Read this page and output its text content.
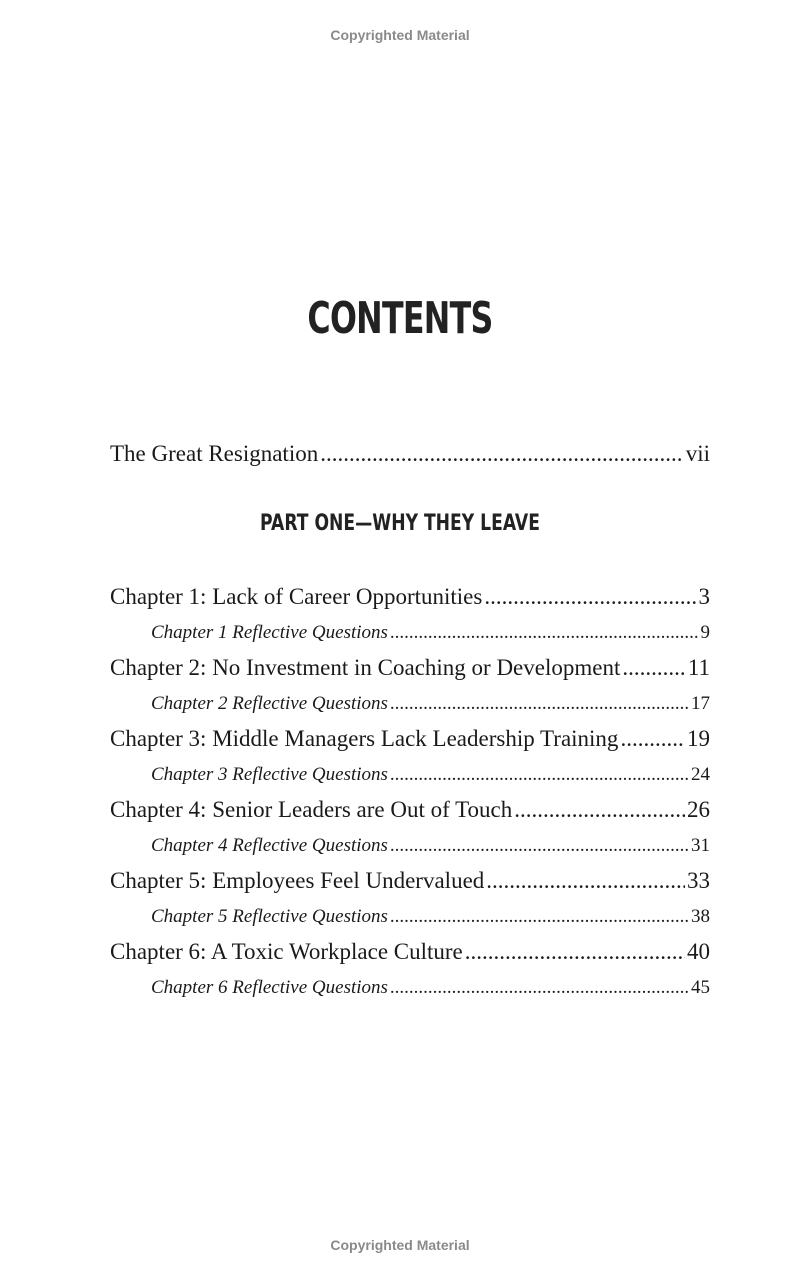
Copyrighted Material
CONTENTS
The Great Resignation .....	vii
PART ONE—WHY THEY LEAVE
Chapter 1: Lack of Career Opportunities .....	3
Chapter 1 Reflective Questions .....	9
Chapter 2: No Investment in Coaching or Development .....	11
Chapter 2 Reflective Questions .....	17
Chapter 3: Middle Managers Lack Leadership Training .....	19
Chapter 3 Reflective Questions .....	24
Chapter 4: Senior Leaders are Out of Touch .....	26
Chapter 4 Reflective Questions .....	31
Chapter 5: Employees Feel Undervalued .....	33
Chapter 5 Reflective Questions .....	38
Chapter 6: A Toxic Workplace Culture .....	40
Chapter 6 Reflective Questions .....	45
Copyrighted Material
